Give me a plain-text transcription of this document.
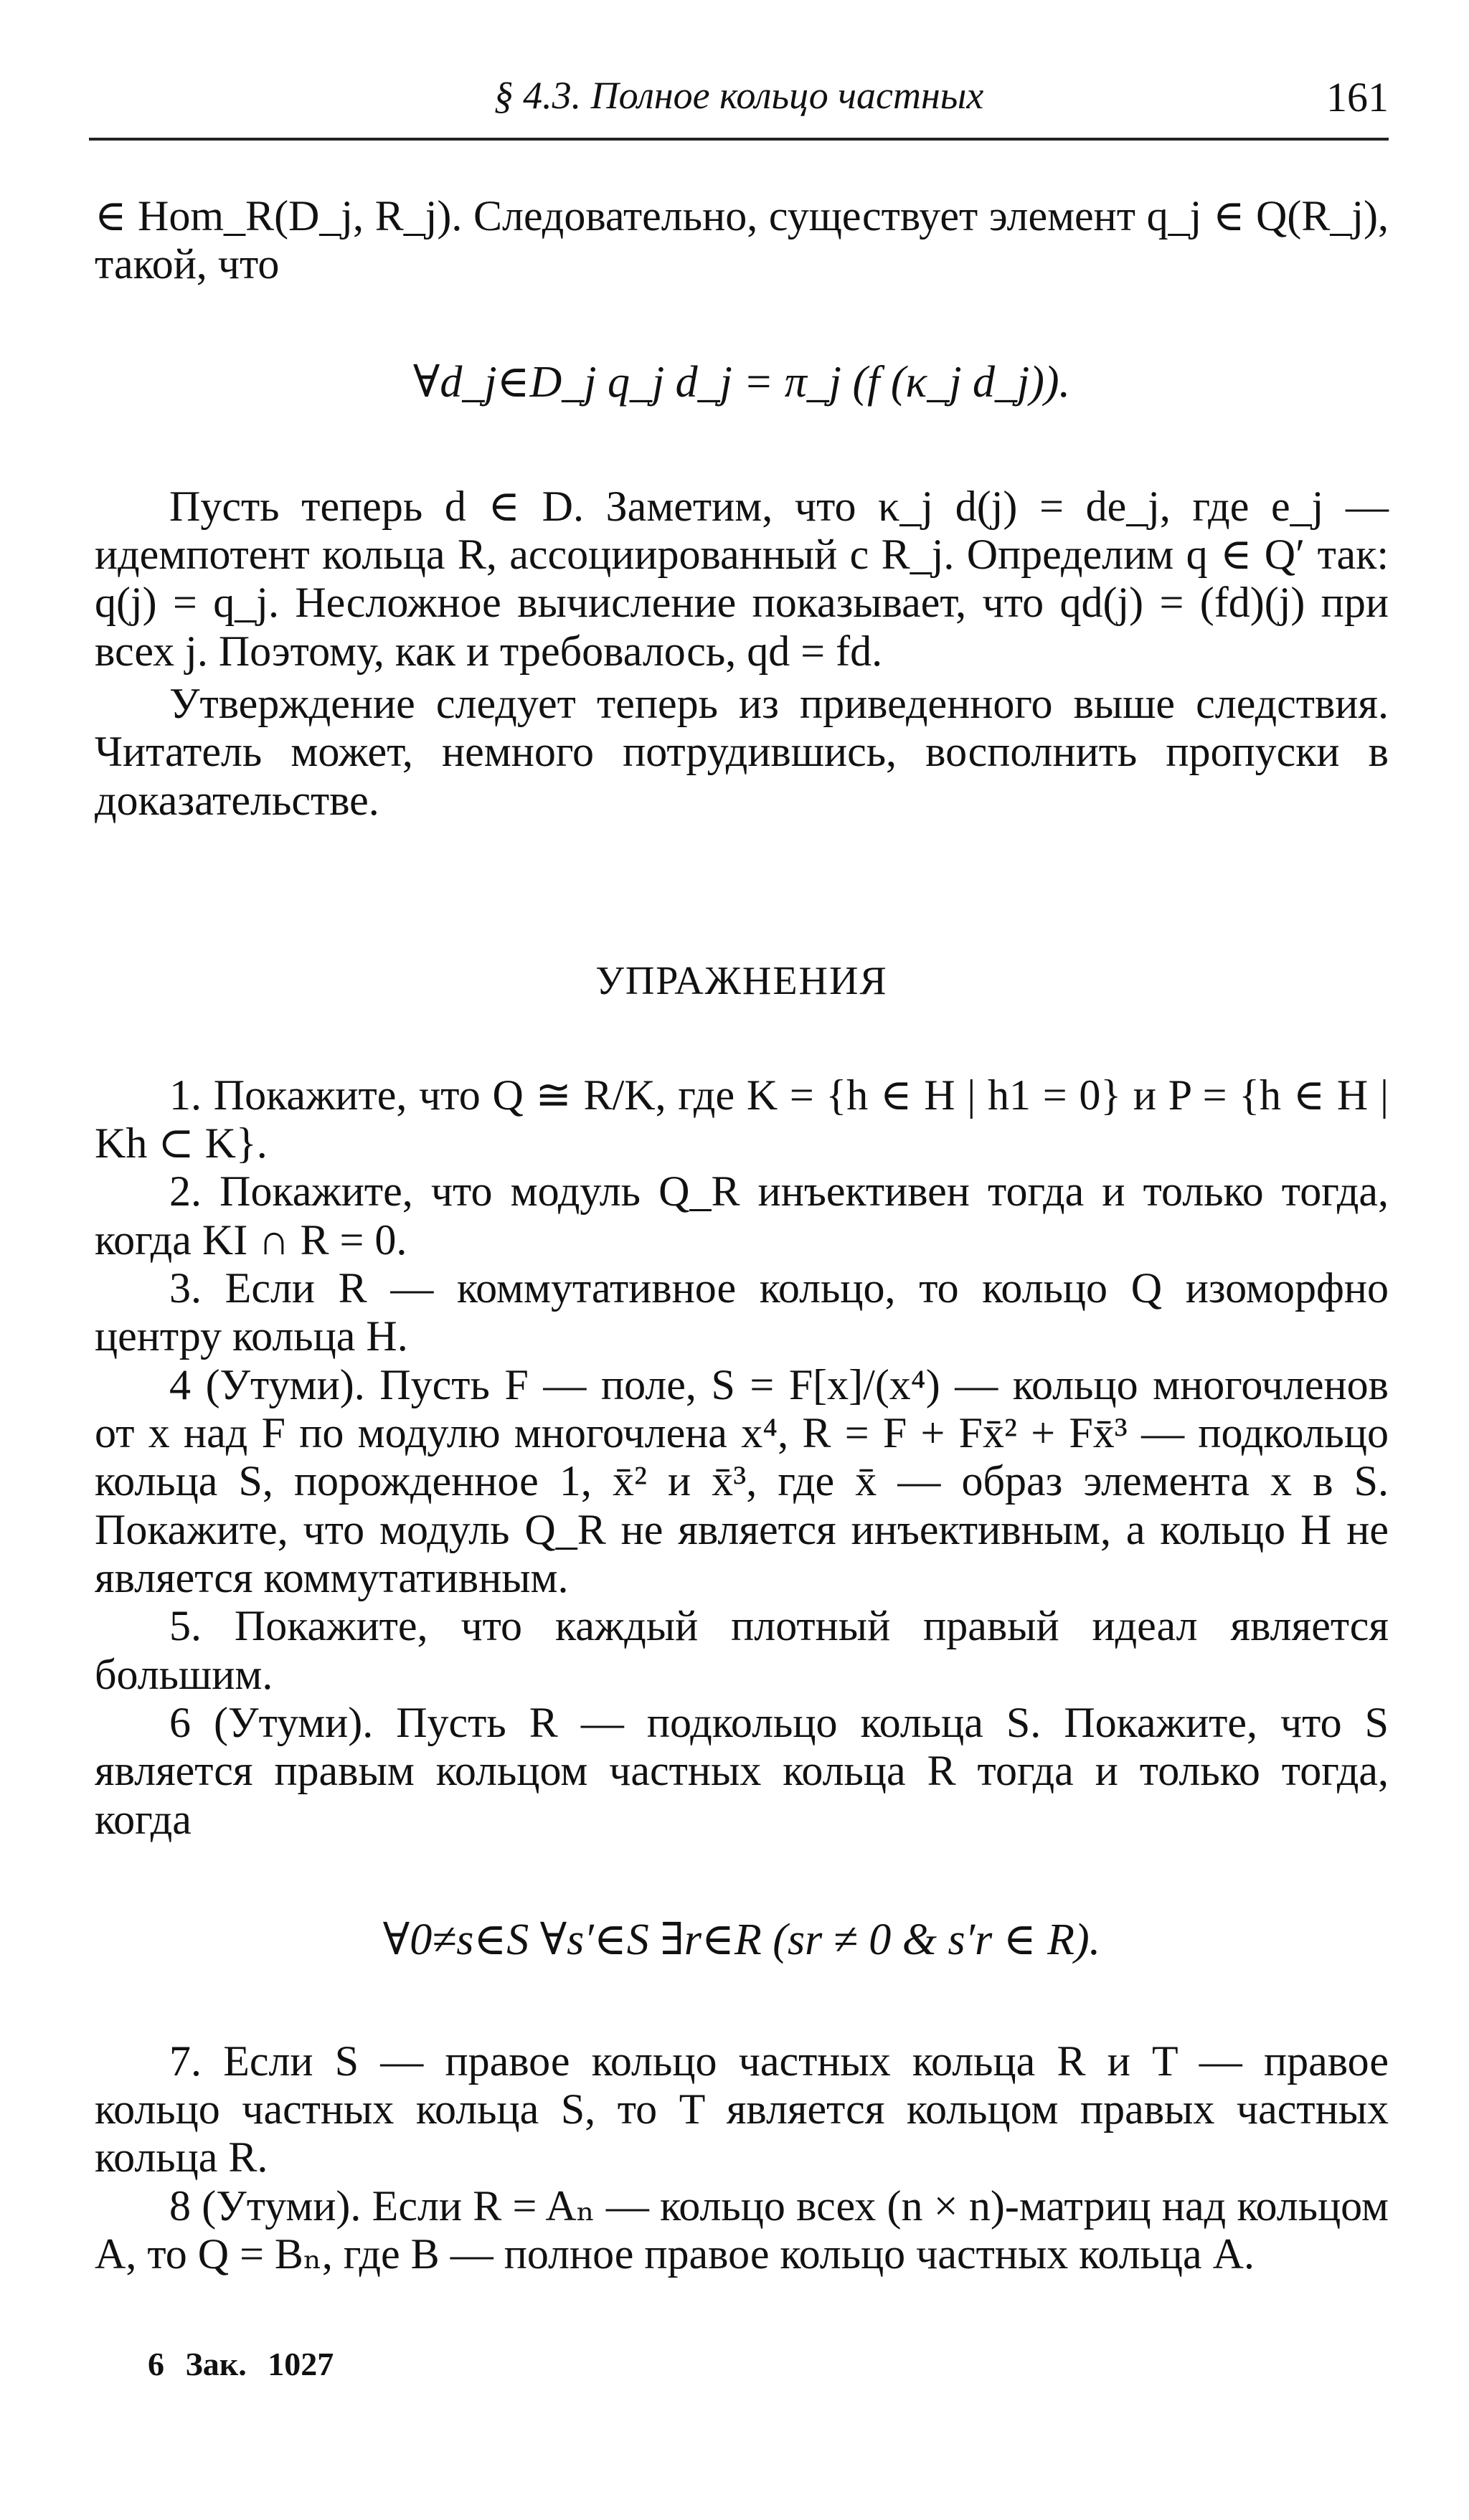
§ 4.3. Полное кольцо частных	161

∈ Hom_R(D_j, R_j). Следовательно, существует элемент q_j ∈ Q(R_j), такой, что

∀d_j∈D_j q_j d_j = π_j (f (κ_j d_j)).

Пусть теперь d ∈ D. Заметим, что κ_j d(j) = de_j, где e_j — идемпотент кольца R, ассоциированный с R_j. Определим q ∈ Q′ так: q(j) = q_j. Несложное вычисление показывает, что qd(j) = (fd)(j) при всех j. Поэтому, как и требовалось, qd = fd.

Утверждение следует теперь из приведенного выше следствия. Читатель может, немного потрудившись, восполнить пропуски в доказательстве.

УПРАЖНЕНИЯ

1. Покажите, что Q ≅ R/K, где K = {h ∈ H | h1 = 0} и P = {h ∈ H | Kh ⊂ K}.

2. Покажите, что модуль Q_R инъективен тогда и только тогда, когда KI ∩ R = 0.

3. Если R — коммутативное кольцо, то кольцо Q изоморфно центру кольца H.

4 (Утуми). Пусть F — поле, S = F[x]/(x⁴) — кольцо многочленов от x над F по модулю многочлена x⁴, R = F + Fx̄² + Fx̄³ — подкольцо кольца S, порожденное 1, x̄² и x̄³, где x̄ — образ элемента x в S. Покажите, что модуль Q_R не является инъективным, а кольцо H не является коммутативным.

5. Покажите, что каждый плотный правый идеал является большим.

6 (Утуми). Пусть R — подкольцо кольца S. Покажите, что S является правым кольцом частных кольца R тогда и только тогда, когда

∀0≠s∈S ∀s′∈S ∃r∈R (sr ≠ 0 & s′r ∈ R).

7. Если S — правое кольцо частных кольца R и T — правое кольцо частных кольца S, то T является кольцом правых частных кольца R.

8 (Утуми). Если R = Aₙ — кольцо всех (n × n)-матриц над кольцом A, то Q = Bₙ, где B — полное правое кольцо частных кольца A.

6 Зак. 1027
